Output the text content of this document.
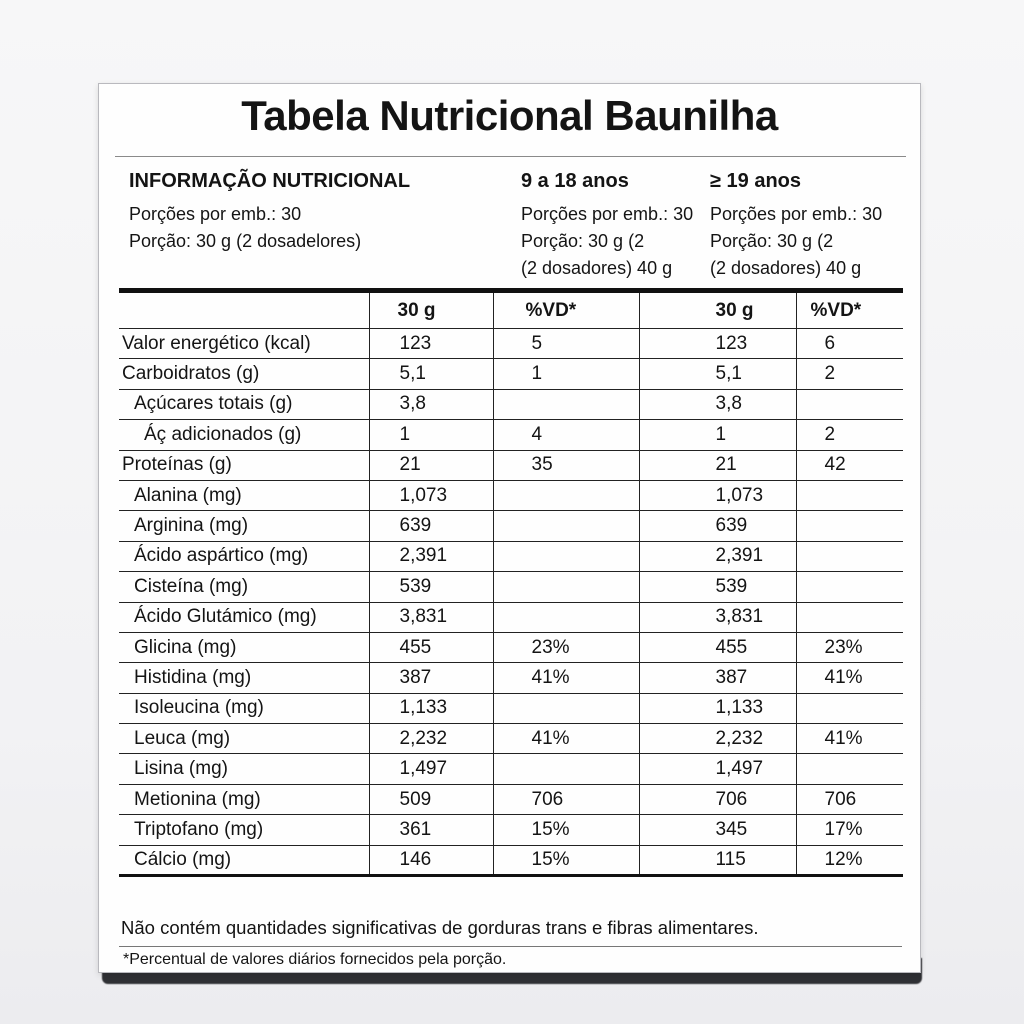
Tabela Nutricional Baunilha
INFORMAÇÃO NUTRICIONAL
Porções por emb.: 30
Porção: 30 g (2 dosadelores)
9 a 18 anos
Porções por emb.: 30
Porção: 30 g (2
(2 dosadores) 40 g
≥ 19 anos
Porções por emb.: 30
Porção: 30 g (2
(2 dosadores) 40 g
	30 g	%VD*	30 g	%VD*
Valor energético (kcal)	123	5	123	6
Carboidratos (g)	5,1	1	5,1	2
Açúcares totais (g)	3,8		3,8	
Áç adicionados (g)	1	4	1	2
Proteínas (g)	21	35	21	42
Alanina (mg)	1,073		1,073	
Arginina (mg)	639		639	
Ácido aspártico (mg)	2,391		2,391	
Cisteína (mg)	539		539	
Ácido Glutámico (mg)	3,831		3,831	
Glicina (mg)	455	23%	455	23%
Histidina (mg)	387	41%	387	41%
Isoleucina (mg)	1,133		1,133	
Leuca (mg)	2,232	41%	2,232	41%
Lisina (mg)	1,497		1,497	
Metionina (mg)	509	706	706	706
Triptofano (mg)	361	15%	345	17%
Cálcio (mg)	146	15%	115	12%
Não contém quantidades significativas de gorduras trans e fibras alimentares.
*Percentual de valores diários fornecidos pela porção.
